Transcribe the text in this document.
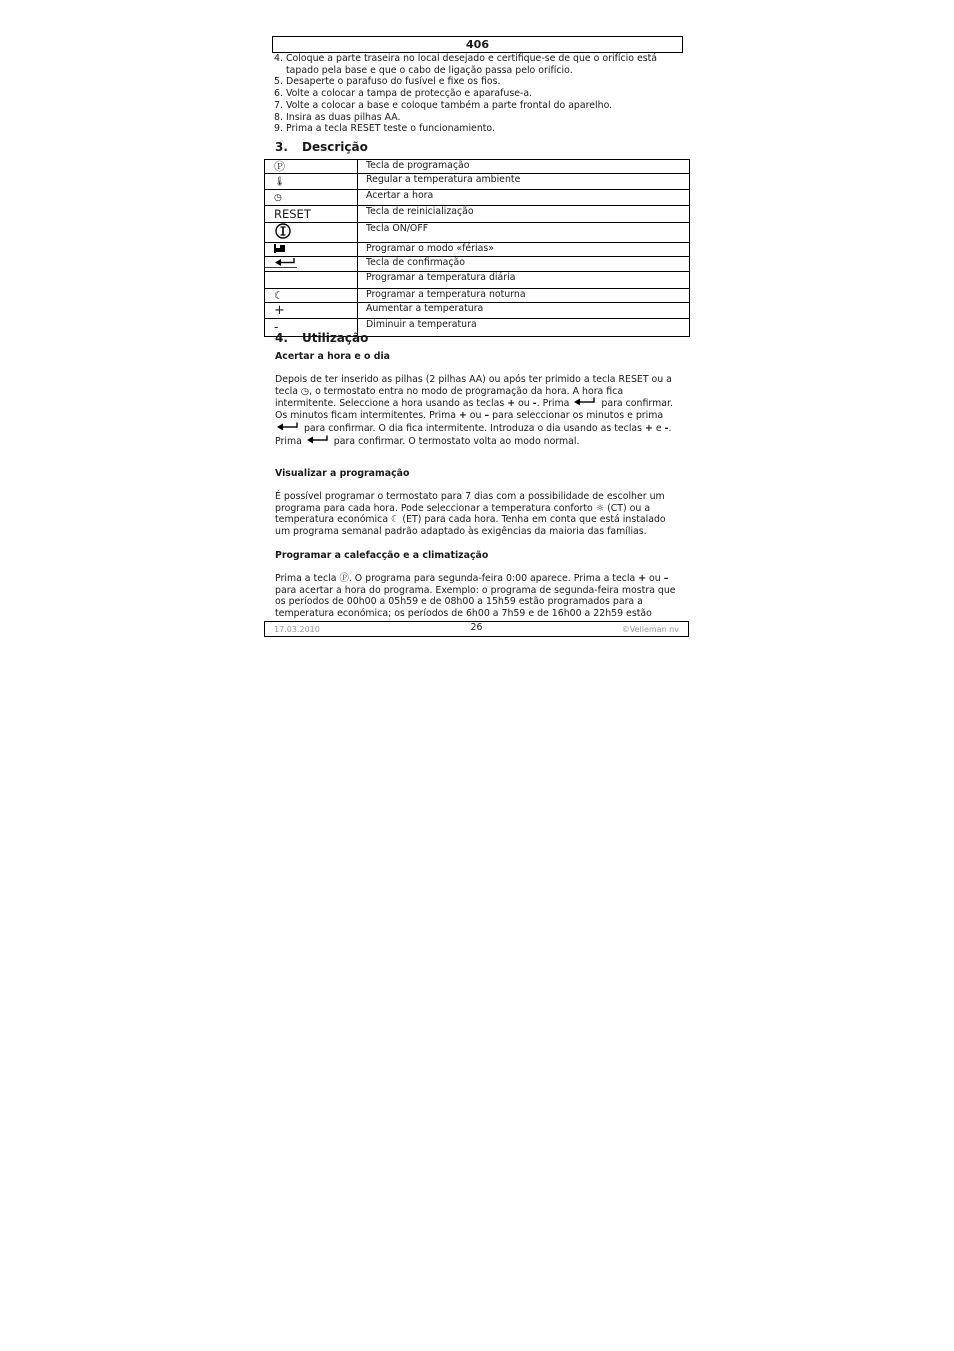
406
4. Coloque a parte traseira no local desejado e certifique-se de que o orifício está tapado pela base e que o cabo de ligação passa pelo orifício.
5. Desaperte o parafuso do fusível e fixe os fios.
6. Volte a colocar a tampa de protecção e aparafuse-a.
7. Volte a colocar a base e coloque também a parte frontal do aparelho.
8. Insira as duas pilhas AA.
9. Prima a tecla RESET teste o funcionamiento.
3. Descrição
Ⓟ	Tecla de programação
🌡	Regular a temperatura ambiente
◷	Acertar a hora
RESET	Tecla de reinicialização
	Tecla ON/OFF
	Programar o modo «férias»
	Tecla de confirmação
	Programar a temperatura diária
☾	Programar a temperatura noturna
+	Aumentar a temperatura
-	Diminuir a temperatura
4. Utilização

Acertar a hora e o dia

Depois de ter inserido as pilhas (2 pilhas AA) ou após ter primido a tecla RESET ou a tecla ◷, o termostato entra no modo de programação da hora. A hora fica intermitente. Seleccione a hora usando as teclas + ou -. Prima	para confirmar. Os minutos ficam intermitentes. Prima + ou – para seleccionar os minutos e prima
para confirmar. O dia fica intermitente. Introduza o dia usando as teclas + e -. Prima	para confirmar. O termostato volta ao modo normal.

Visualizar a programação

É possível programar o termostato para 7 dias com a possibilidade de escolher um programa para cada hora. Pode seleccionar a temperatura conforto ☼ (CT) ou a temperatura económica ☾ (ET) para cada hora. Tenha em conta que está instalado um programa semanal padrão adaptado às exigências da maioria das famílias.

Programar a calefacção e a climatização

Prima a tecla Ⓟ. O programa para segunda-feira 0:00 aparece. Prima a tecla + ou – para acertar a hora do programa. Exemplo: o programa de segunda-feira mostra que os períodos de 00h00 a 05h59 e de 08h00 a 15h59 estão programados para a temperatura económica; os períodos de 6h00 a 7h59 e de 16h00 a 22h59 estão

17.03.2010	26	©Velleman nv
